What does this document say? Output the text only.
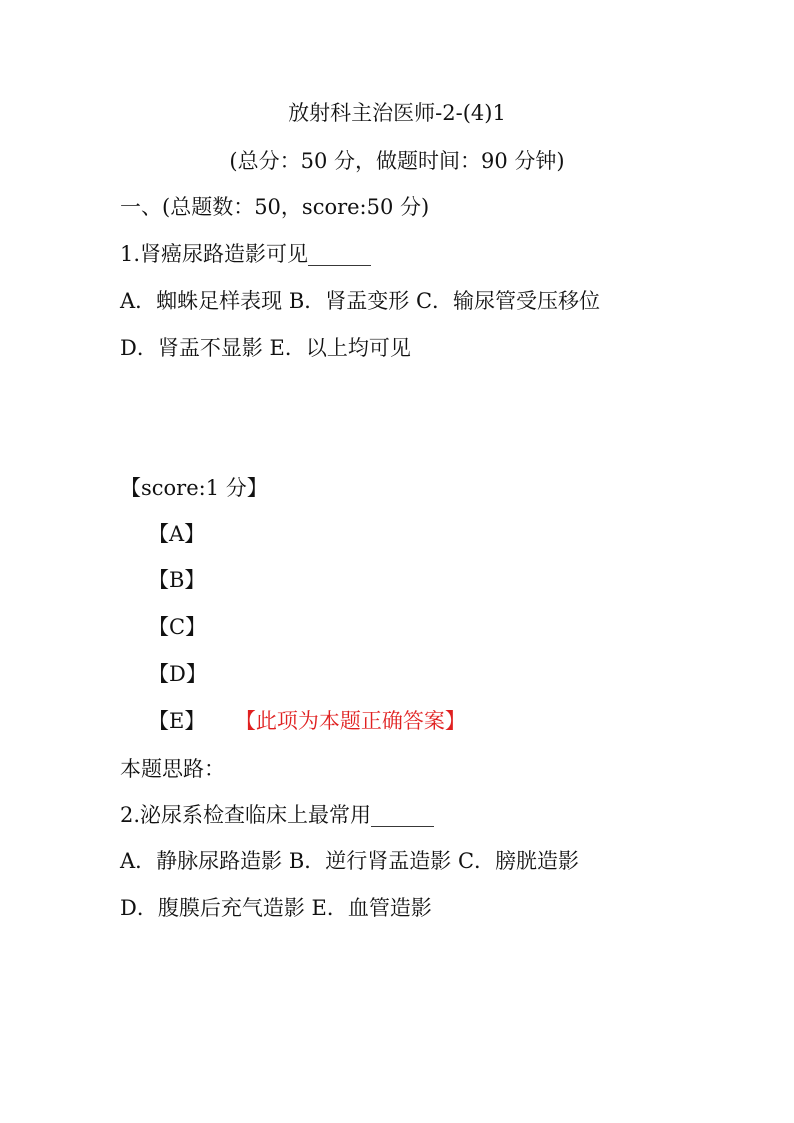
放射科主治医师-2-(4)1
(总分：50 分，做题时间：90 分钟)
一、(总题数：50，score:50 分)
1.肾癌尿路造影可见______
A．蜘蛛足样表现 B．肾盂变形 C．输尿管受压移位
D．肾盂不显影 E．以上均可见
【score:1 分】
【A】
【B】
【C】
【D】
【E】 【此项为本题正确答案】
本题思路：
2.泌尿系检查临床上最常用______
A．静脉尿路造影 B．逆行肾盂造影 C．膀胱造影
D．腹膜后充气造影 E．血管造影
